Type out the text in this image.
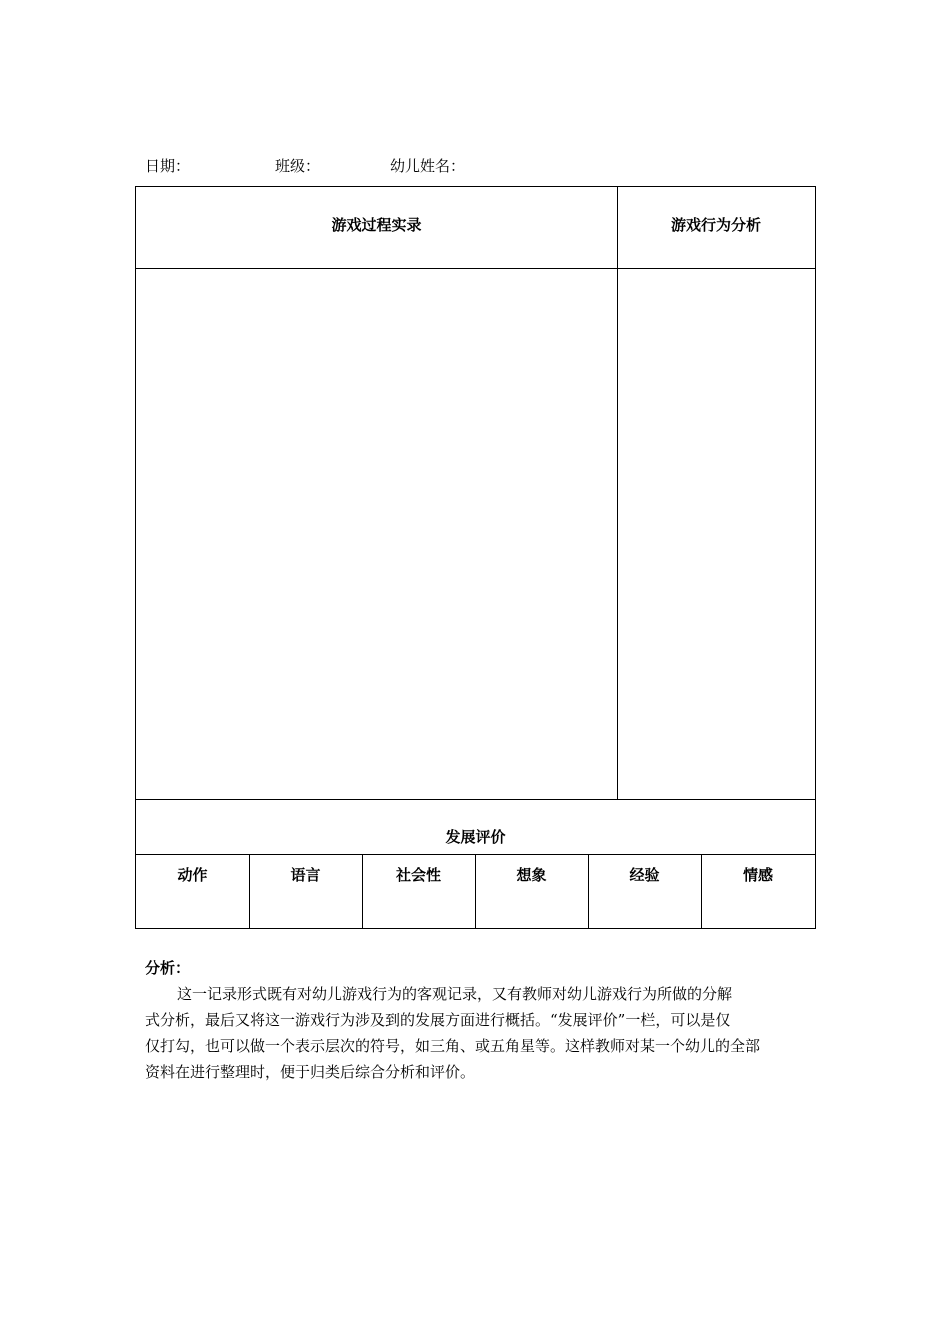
日期：	班级：	幼儿姓名：
游戏过程实录	游戏行为分析
发展评价
动作	语言	社会性	想象	经验	情感
分析：
这一记录形式既有对幼儿游戏行为的客观记录，又有教师对幼儿游戏行为所做的分解
式分析，最后又将这一游戏行为涉及到的发展方面进行概括。“发展评价”一栏，可以是仅
仅打勾，也可以做一个表示层次的符号，如三角、或五角星等。这样教师对某一个幼儿的全部
资料在进行整理时，便于归类后综合分析和评价。
